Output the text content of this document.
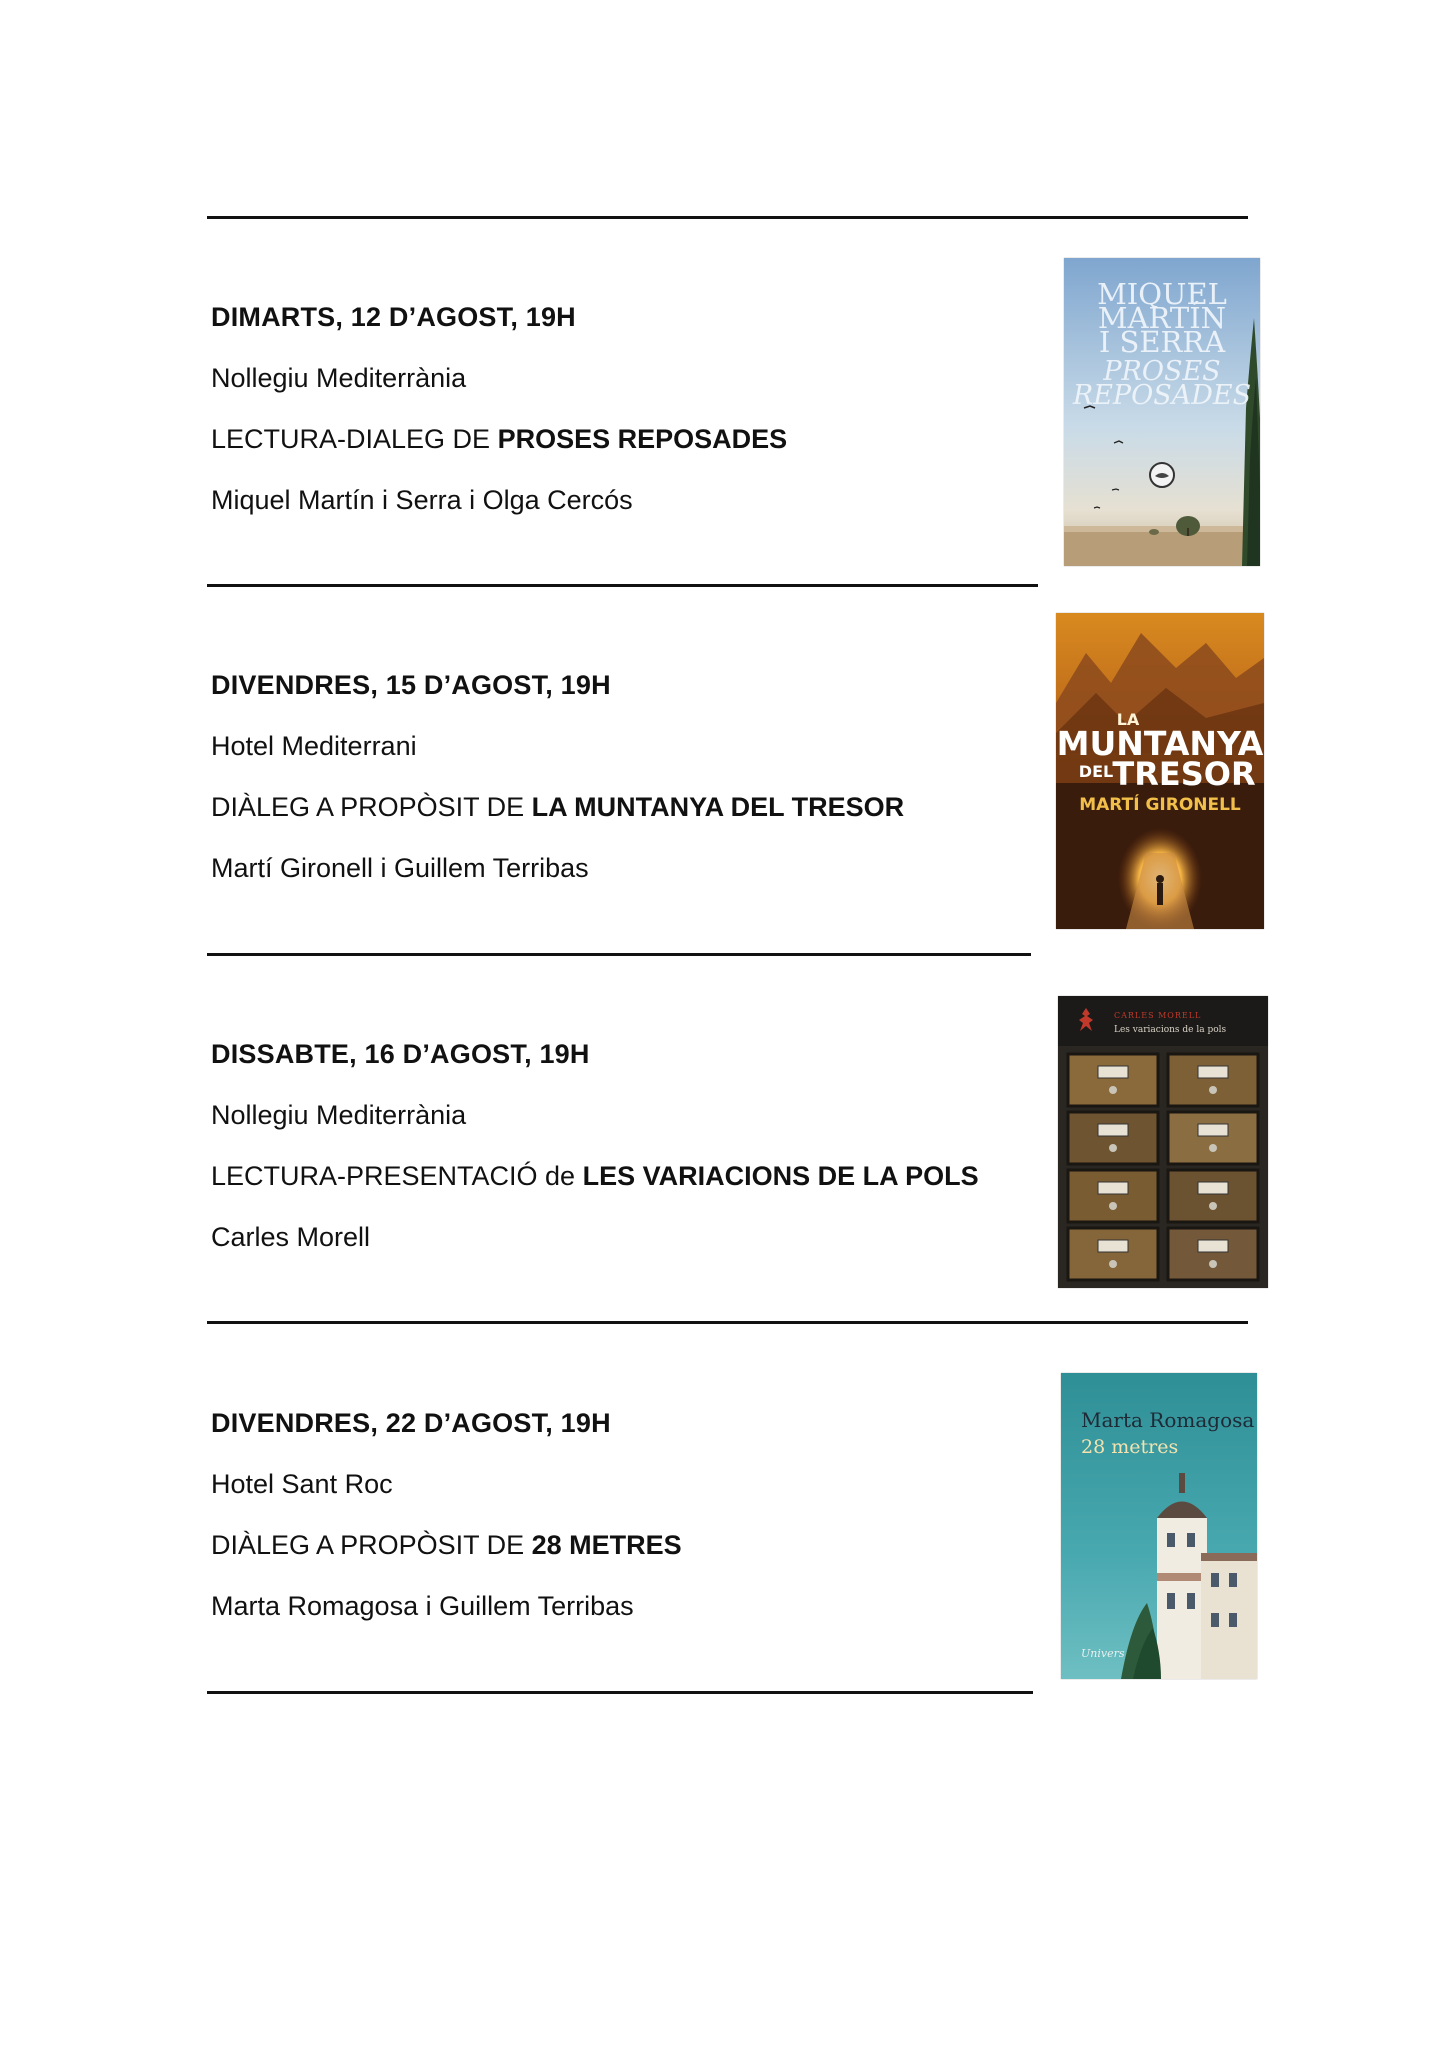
DIMARTS, 12 D’AGOST, 19H

Nollegiu Mediterrània

LECTURA-DIALEG DE PROSES REPOSADES

Miquel Martín i Serra i Olga Cercós

DIVENDRES, 15 D’AGOST, 19H

Hotel Mediterrani

DIÀLEG A PROPÒSIT DE LA MUNTANYA DEL TRESOR

Martí Gironell i Guillem Terribas

DISSABTE, 16 D’AGOST, 19H

Nollegiu Mediterrània

LECTURA-PRESENTACIÓ de LES VARIACIONS DE LA POLS

Carles Morell

DIVENDRES, 22 D’AGOST, 19H

Hotel Sant Roc

DIÀLEG A PROPÒSIT DE 28 METRES

Marta Romagosa i Guillem Terribas

MIQUEL
MARTÍN
I SERRA
PROSES
REPOSADES
LA
MUNTANYA
DEL TRESOR
MARTÍ GIRONELL
CARLES MORELL
Les variacions de la pols
Marta Romagosa
28 metres
Univers
